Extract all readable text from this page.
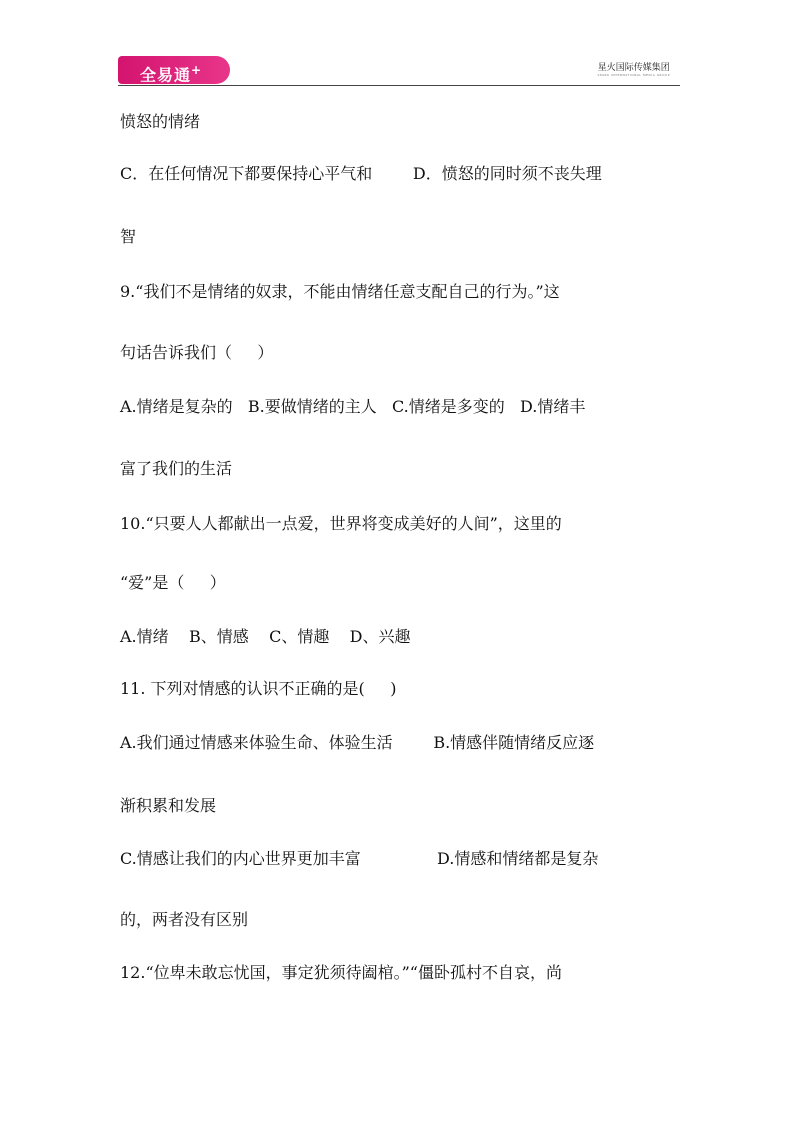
全易通+	星火国际传媒集团
SPARK INTERNATIONAL MEDIA GROUP
愤怒的情绪
C．在任何情况下都要保持心平气和        D．愤怒的同时须不丧失理
智
9.“我们不是情绪的奴隶，不能由情绪任意支配自己的行为。”这
句话告诉我们（     ）
A.情绪是复杂的   B.要做情绪的主人   C.情绪是多变的   D.情绪丰
富了我们的生活
10.“只要人人都献出一点爱，世界将变成美好的人间”，这里的
“爱”是（     ）
A.情绪    B、情感    C、情趣    D、兴趣
11. 下列对情感的认识不正确的是(     )
A.我们通过情感来体验生命、体验生活        B.情感伴随情绪反应逐
渐积累和发展
C.情感让我们的内心世界更加丰富               D.情感和情绪都是复杂
的，两者没有区别
12.“位卑未敢忘忧国，事定犹须待阖棺。”“僵卧孤村不自哀，尚
